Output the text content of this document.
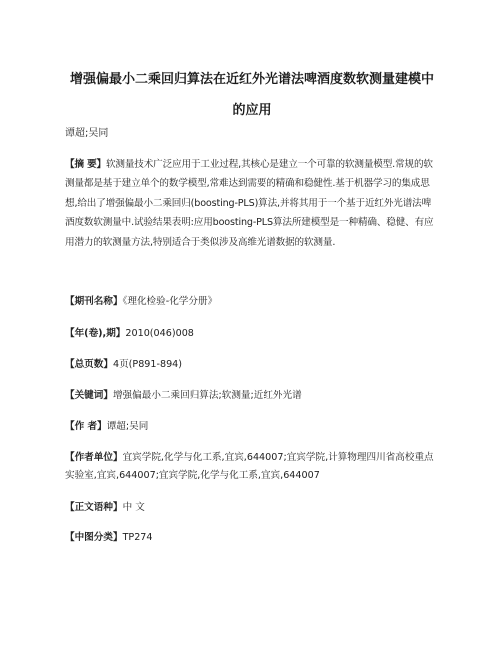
增强偏最小二乘回归算法在近红外光谱法啤酒度数软测量建模中的应用
谭超;吴同
【摘 要】软测量技术广泛应用于工业过程,其核心是建立一个可靠的软测量模型.常规的软测量都是基于建立单个的数学模型,常难达到需要的精确和稳健性.基于机器学习的集成思想,给出了增强偏最小二乘回归(boosting-PLS)算法,并将其用于一个基于近红外光谱法啤酒度数软测量中.试验结果表明:应用boosting-PLS算法所建模型是一种精确、稳健、有应用潜力的软测量方法,特别适合于类似涉及高维光谱数据的软测量.
【期刊名称】《理化检验-化学分册》
【年(卷),期】2010(046)008
【总页数】4页(P891-894)
【关键词】增强偏最小二乘回归算法;软测量;近红外光谱
【作 者】谭超;吴同
【作者单位】宜宾学院,化学与化工系,宜宾,644007;宜宾学院,计算物理四川省高校重点实验室,宜宾,644007;宜宾学院,化学与化工系,宜宾,644007
【正文语种】中 文
【中图分类】TP274
